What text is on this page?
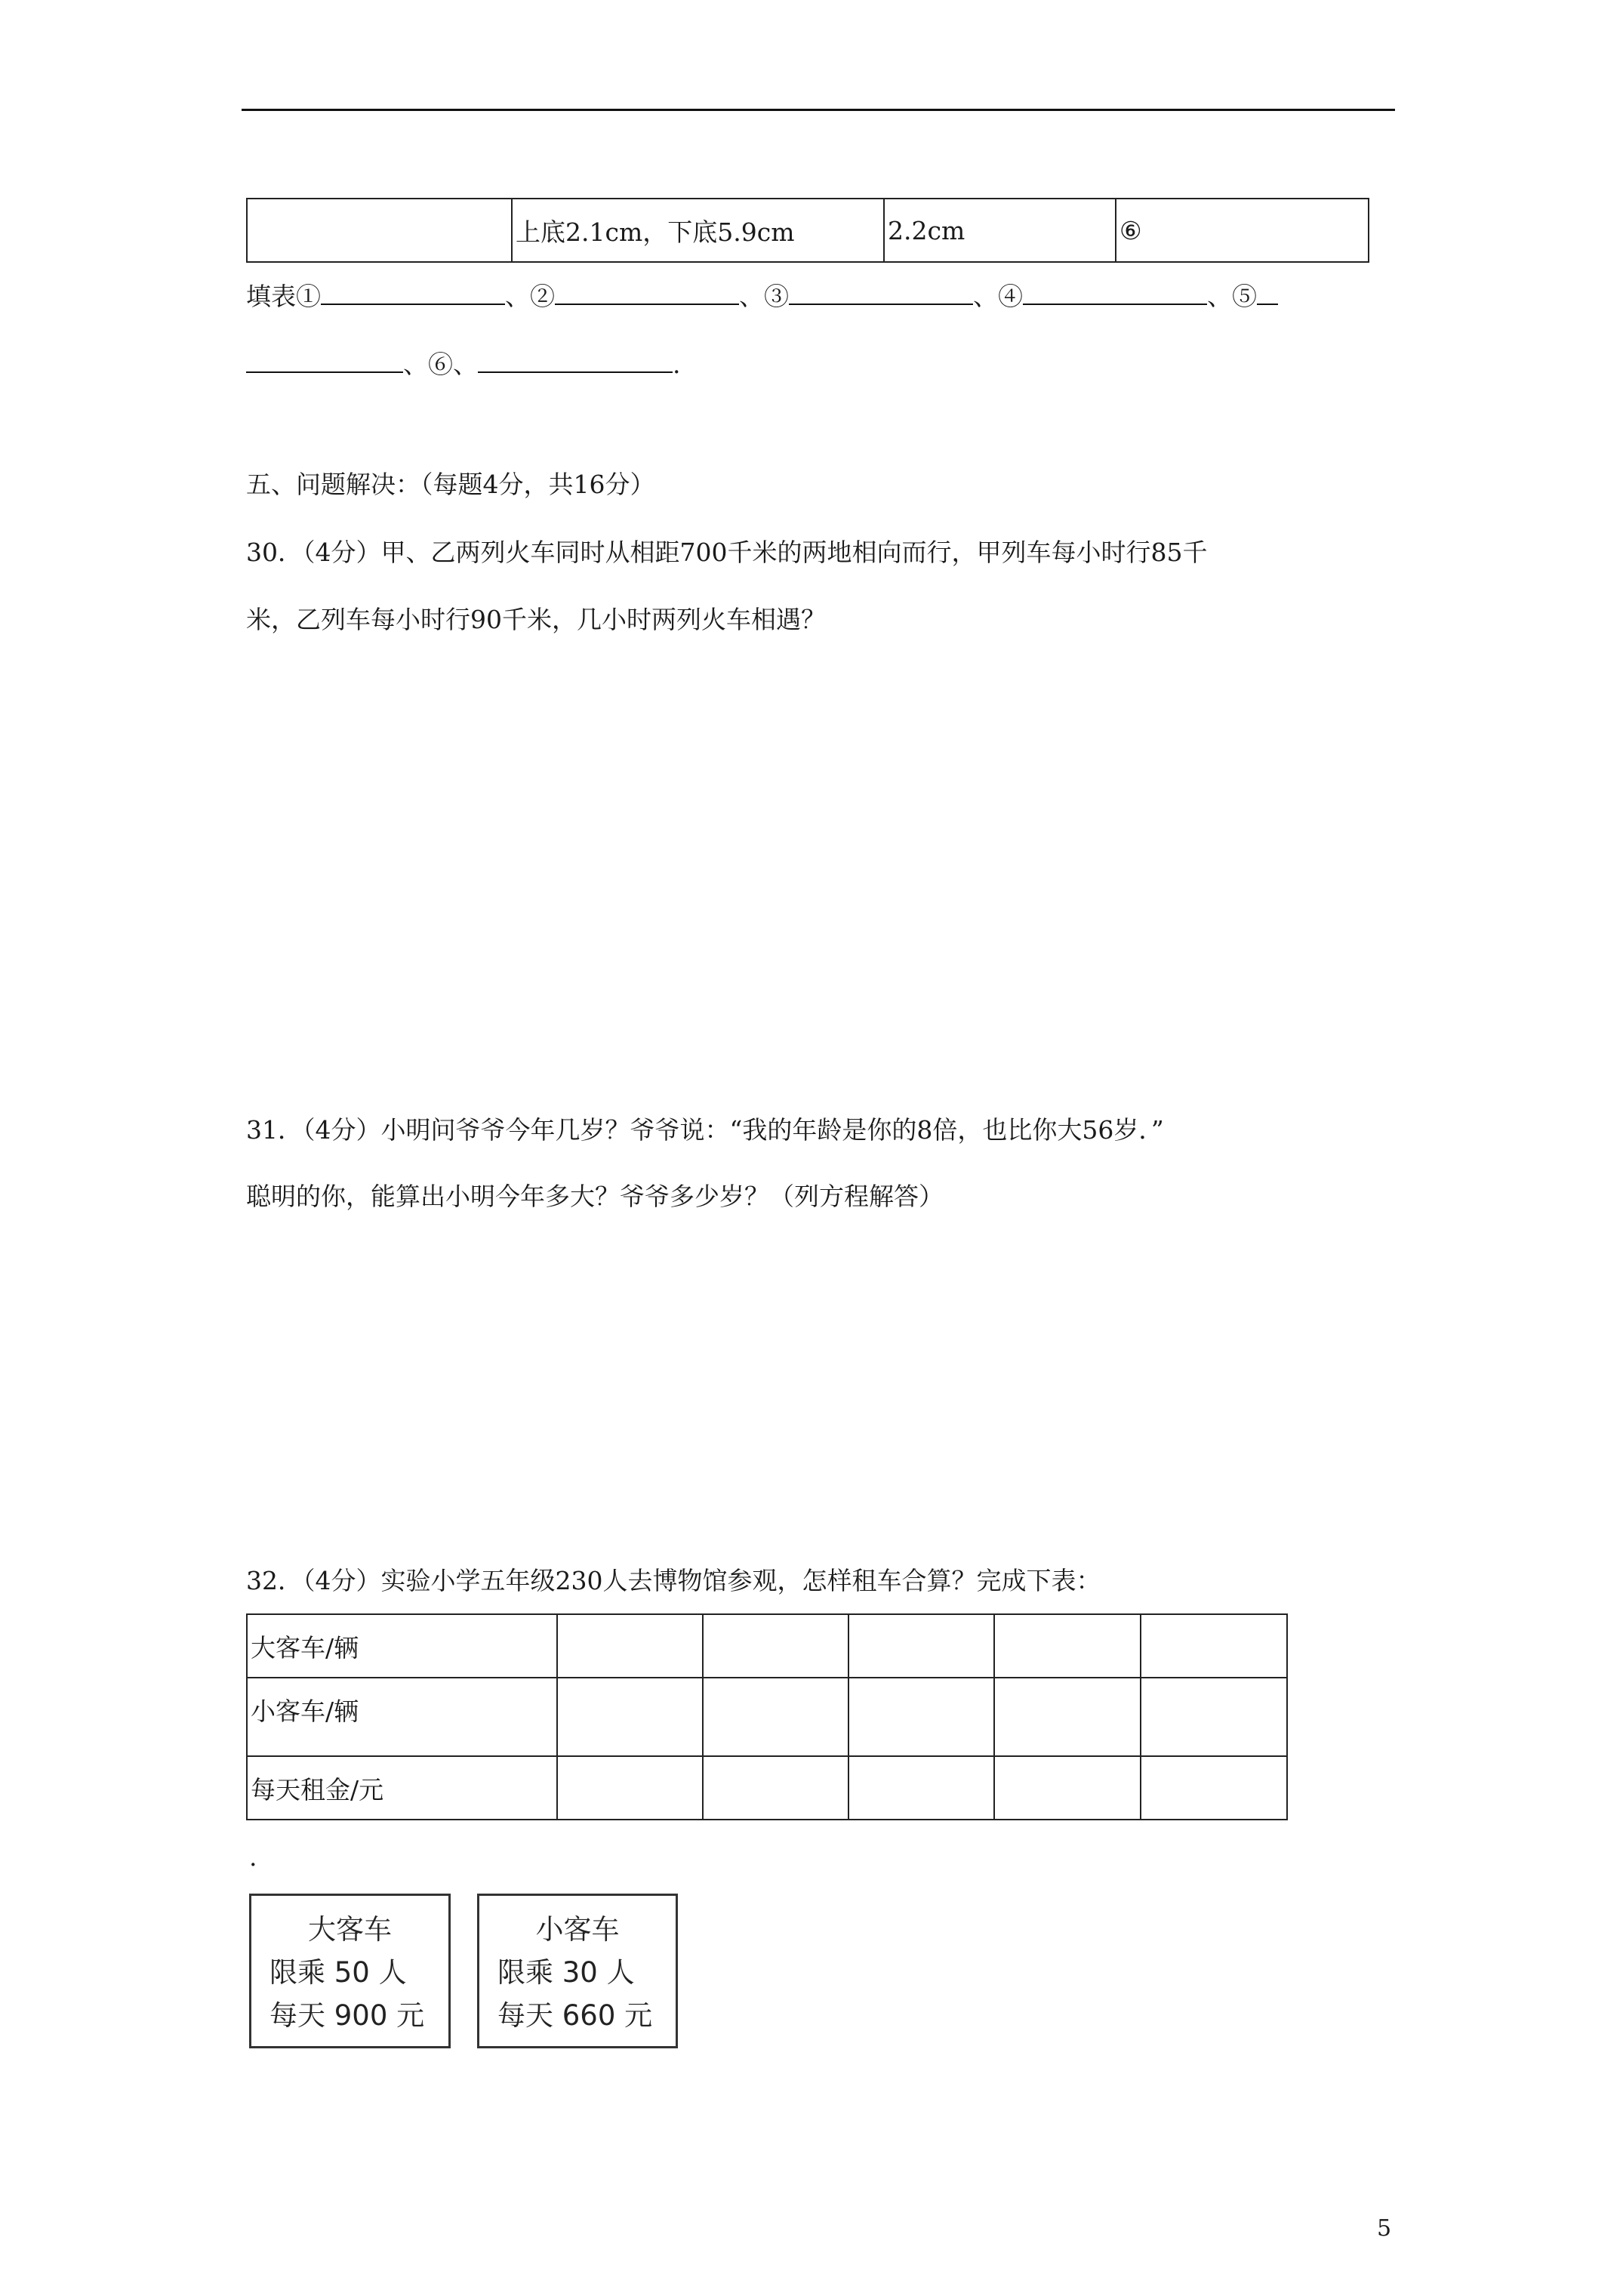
	上底2.1cm，下底5.9cm	2.2cm	⑥
填表①	、②	、③	、④	、⑤
、⑥、	.
五、问题解决：（每题4分，共16分）
30．（4分）甲、乙两列火车同时从相距700千米的两地相向而行，甲列车每小时行85千
米，乙列车每小时行90千米，几小时两列火车相遇？
31．（4分）小明问爷爷今年几岁？爷爷说：“我的年龄是你的8倍，也比你大56岁．”
聪明的你，能算出小明今年多大？爷爷多少岁？（列方程解答）
32．（4分）实验小学五年级230人去博物馆参观，怎样租车合算？完成下表：
大客车/辆					
小客车/辆					
每天租金/元					
.
大客车
限乘 50 人
每天 900 元
小客车
限乘 30 人
每天 660 元
5
